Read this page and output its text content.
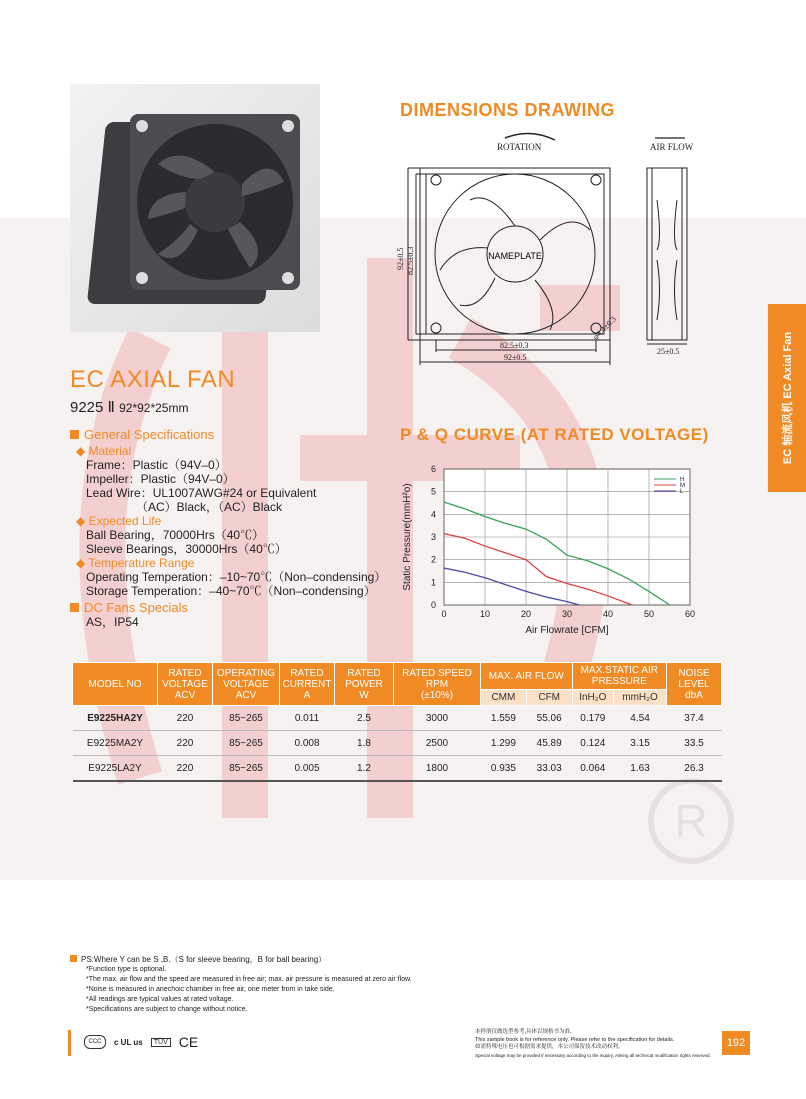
R
DIMENSIONS DRAWING
ROTATION	AIR FLOW
NAMEPLATE
92±0.5 82.5±0.3
82.5±0.3
92±0.5
φ4.4±0.3
25±0.5
EC AXIAL FAN
9225 Ⅱ 92*92*25mm
General Specifications
◆ Material
Frame：Plastic（94V–0）
Impeller：Plastic（94V–0）
Lead Wire：UL1007AWG#24 or Equivalent
（AC）Black，（AC）Black
◆ Expected Life
Ball Bearing，70000Hrs（40℃）
Sleeve Bearings，30000Hrs（40℃）
◆ Temperature Range
Operating Temperation：–10~70℃（Non–condensing）
Storage Temperation：–40~70℃（Non–condensing）
DC Fans Specials
AS，IP54
P & Q CURVE (AT RATED VOLTAGE)
0	10	20	30	40	50	60
0
1
2
3
4
5
6
H
M
L
Air Flowrate [CFM]
Static Pressure(mmH²o)
EC 轴流风机 EC Axial Fan
MODEL NO	RATED
VOLTAGE
ACV	OPERATING
VOLTAGE
ACV	RATED
CURRENT
A	RATED
POWER
W	RATED SPEED
RPM
(±10%)	MAX. AIR FLOW		MAX.STATIC AIR
PRESSURE		NOISE
LEVEL
dbA
						CMM	CFM	InH₂O	mmH₂O	
E9225HA2Y	220	85~265	0.011	2.5	3000	1.559	55.06	0.179	4.54	37.4
E9225MA2Y	220	85~265	0.008	1.8	2500	1.299	45.89	0.124	3.15	33.5
E9225LA2Y	220	85~265	0.005	1.2	1800	0.935	33.03	0.064	1.63	26.3
PS:Where Y can be S ,B.（S for sleeve bearing，B for ball bearing）
*Function type is optional.
*The max. air flow and the speed are measured in free air; max. air pressure is measured at zero air flow.
*Noise is measured in anechoic chamber in free air, one meter from in take side.
*All readings are typical values at rated voltage.
*Specifications are subject to change without notice.
CCC	c UL us	TÜV CE
本样册仅做选型参考,具体以规格书为准。
This sample book is for reference only. Please refer to the specification for details.
如需特殊电压也可根据需求提供，本公司保留技术改动权利。
Special voltage may be provided if necessary according to the inquiry, Asking all technical modification rights reserved.
192
